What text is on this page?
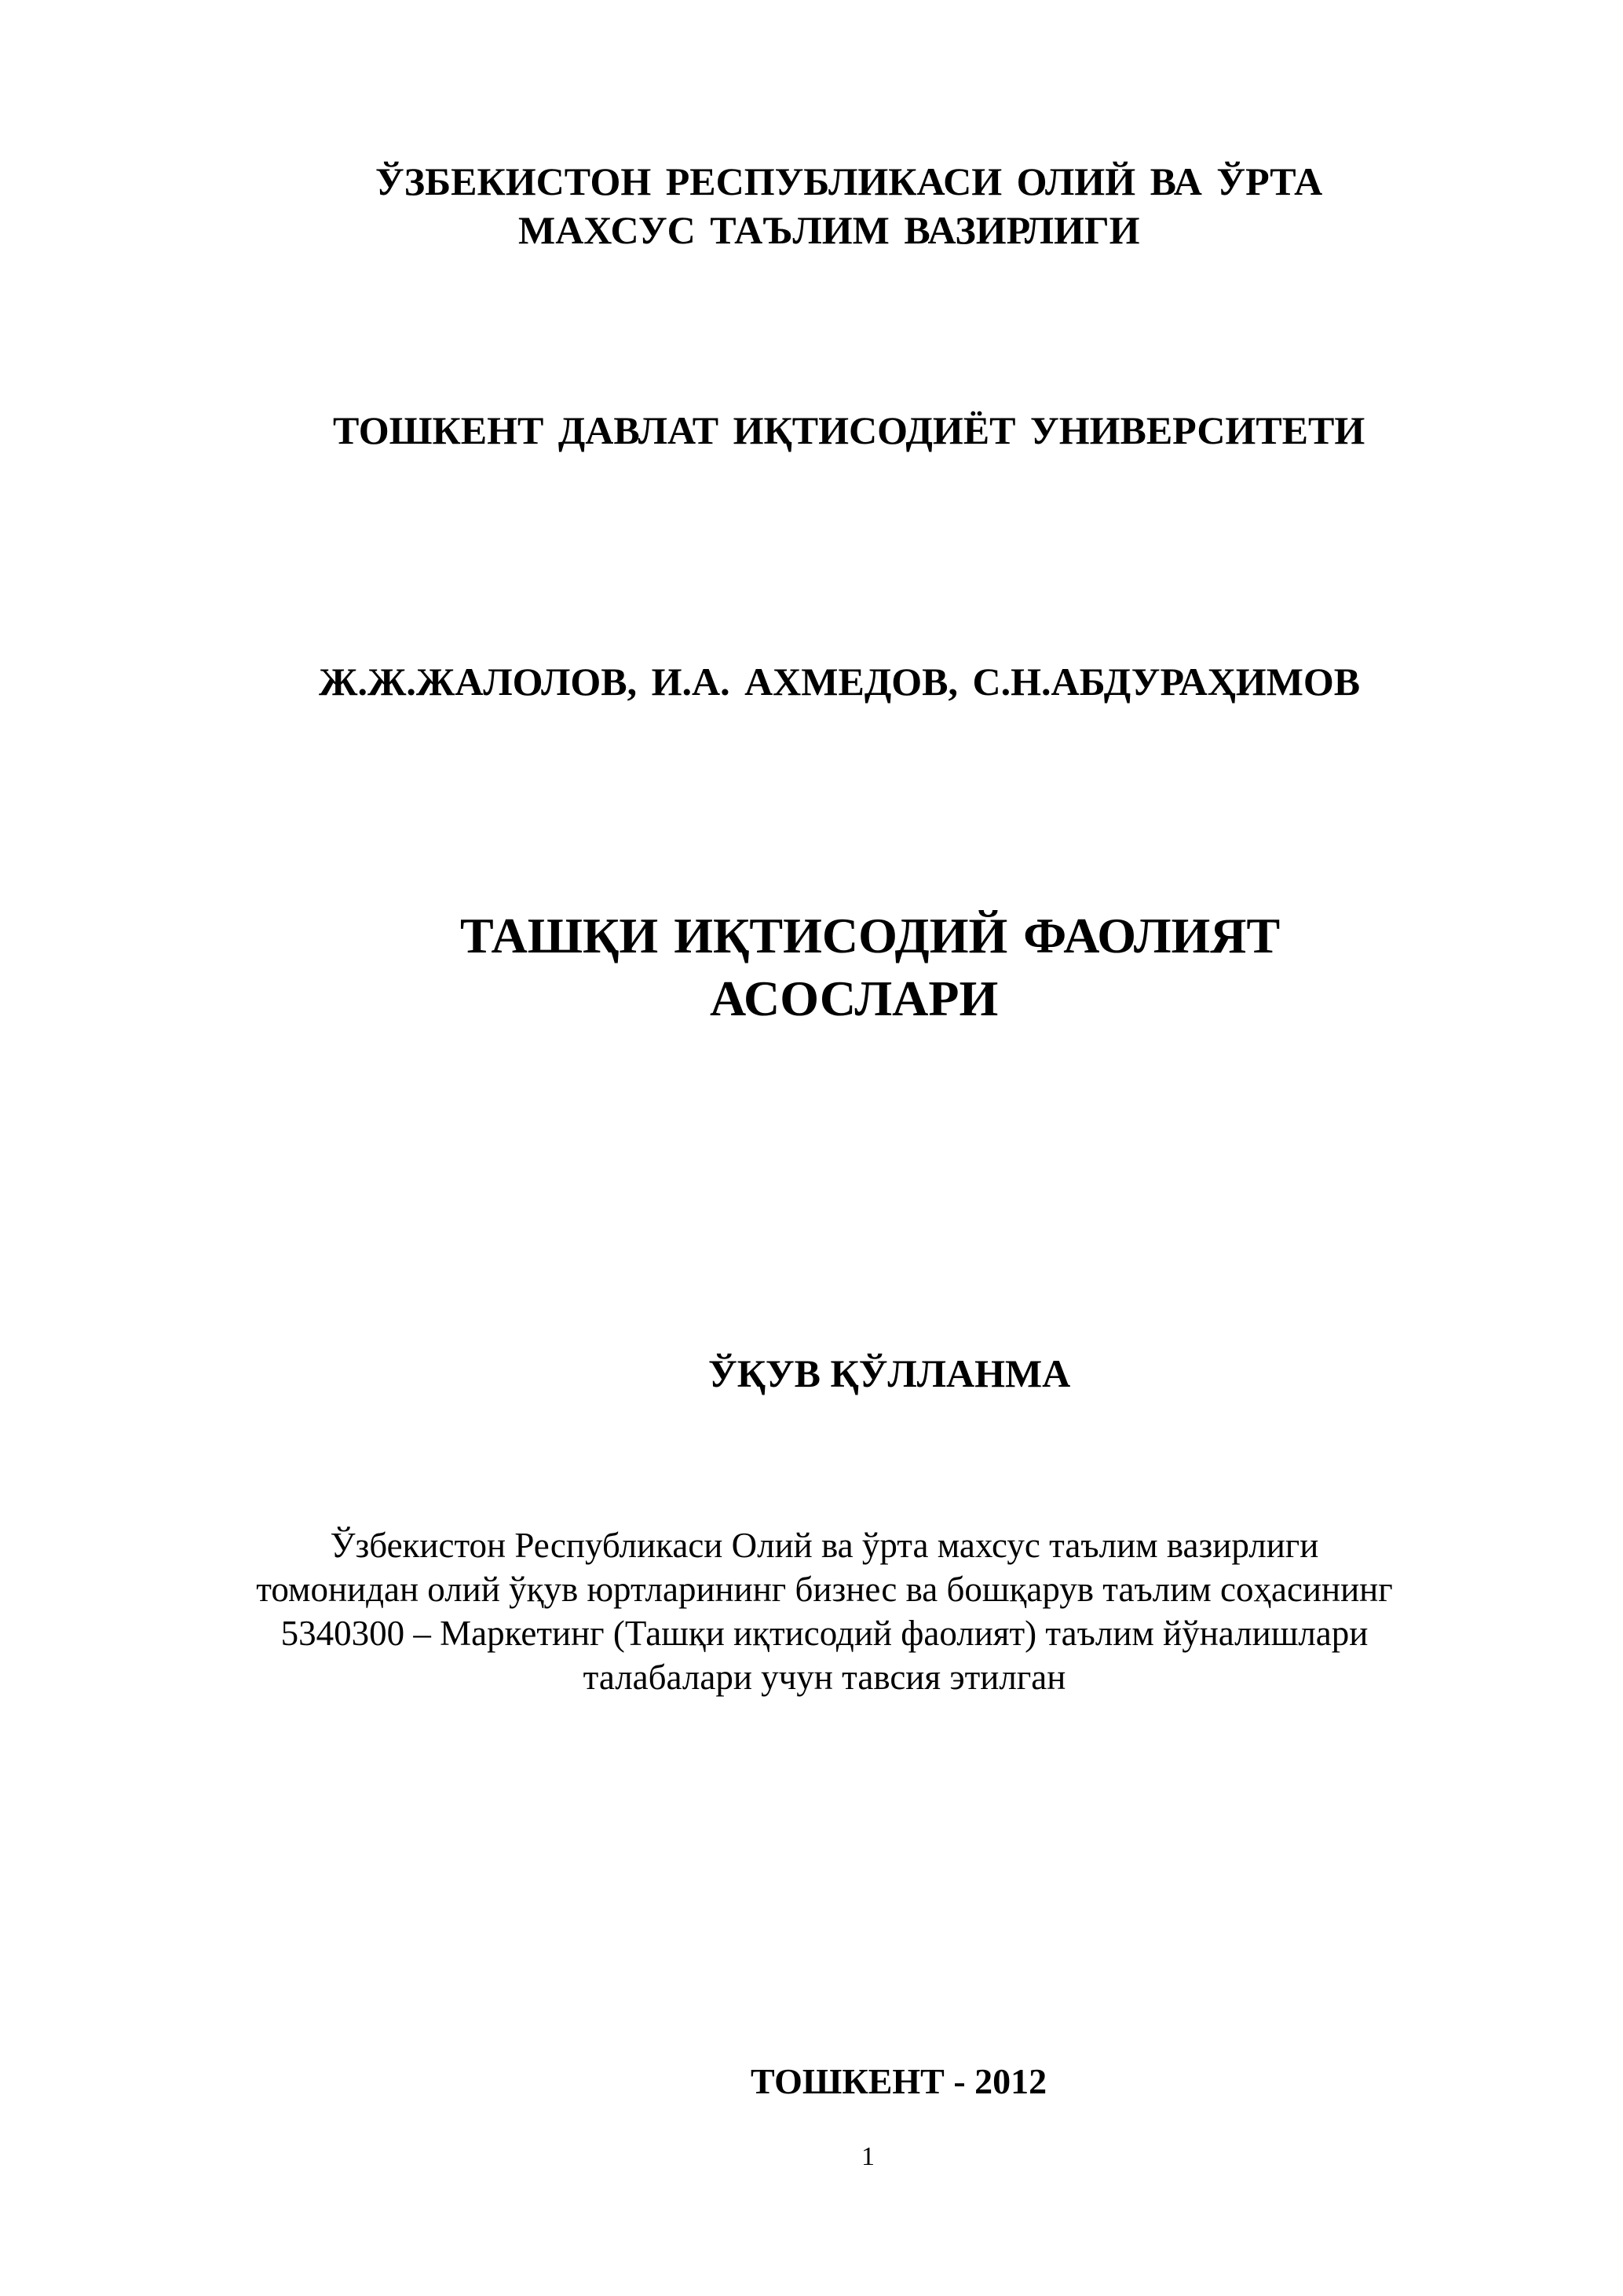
ЎЗБЕКИСТОН РЕСПУБЛИКАСИ ОЛИЙ ВА ЎРТА

МАХСУС ТАЪЛИМ ВАЗИРЛИГИ

ТОШКЕНТ ДАВЛАТ ИҚТИСОДИЁТ УНИВЕРСИТЕТИ

Ж.Ж.ЖАЛОЛОВ, И.А. АХМЕДОВ, С.Н.АБДУРАҲИМОВ

ТАШҚИ ИҚТИСОДИЙ ФАОЛИЯТ
АСОСЛАРИ

ЎҚУВ ҚЎЛЛАНМА

Ўзбекистон Республикаси Олий ва ўрта махсус таълим вазирлиги
томонидан олий ўқув юртларининг бизнес ва бошқарув таълим соҳасининг
5340300 – Маркетинг (Ташқи иқтисодий фаолият) таълим йўналишлари
талабалари учун тавсия этилган

ТОШКЕНТ - 2012

1
